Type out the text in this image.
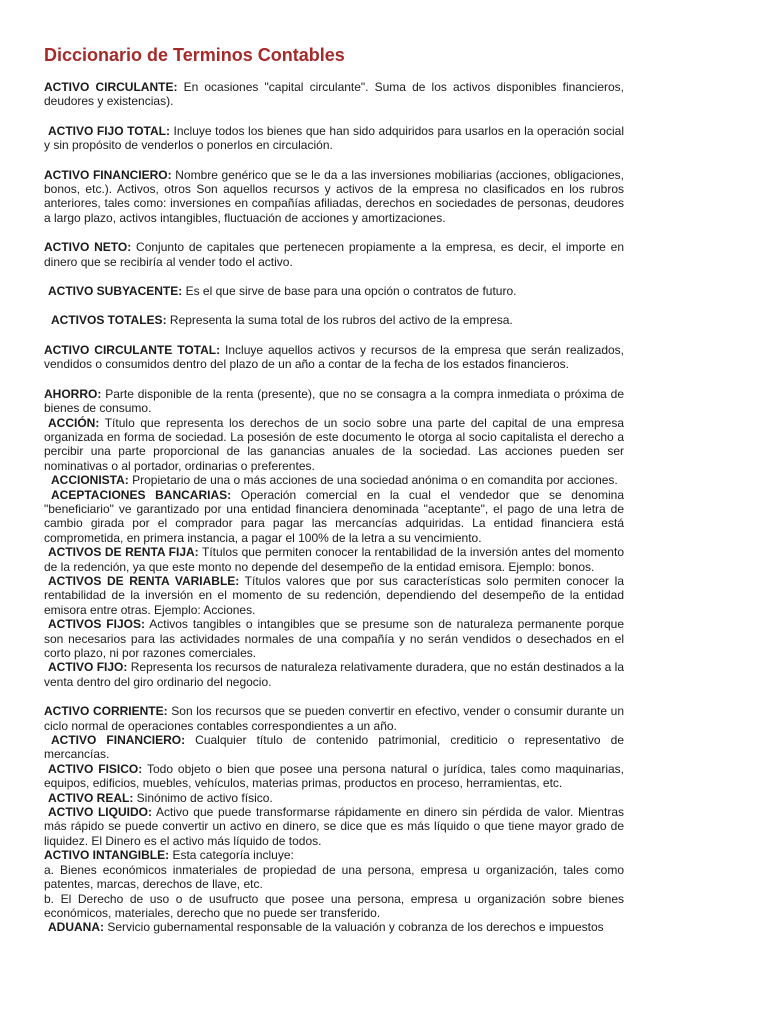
Diccionario de Terminos Contables

ACTIVO CIRCULANTE: En ocasiones "capital circulante". Suma de los activos disponibles financieros, deudores y existencias).

ACTIVO FIJO TOTAL: Incluye todos los bienes que han sido adquiridos para usarlos en la operación social y sin propósito de venderlos o ponerlos en circulación.

ACTIVO FINANCIERO: Nombre genérico que se le da a las inversiones mobiliarias (acciones, obligaciones, bonos, etc.). Activos, otros Son aquellos recursos y activos de la empresa no clasificados en los rubros anteriores, tales como: inversiones en compañías afiliadas, derechos en sociedades de personas, deudores a largo plazo, activos intangibles, fluctuación de acciones y amortizaciones.

ACTIVO NETO: Conjunto de capitales que pertenecen propiamente a la empresa, es decir, el importe en dinero que se recibiría al vender todo el activo.

ACTIVO SUBYACENTE: Es el que sirve de base para una opción o contratos de futuro.

ACTIVOS TOTALES: Representa la suma total de los rubros del activo de la empresa.

ACTIVO CIRCULANTE TOTAL: Incluye aquellos activos y recursos de la empresa que serán realizados, vendidos o consumidos dentro del plazo de un año a contar de la fecha de los estados financieros.

AHORRO: Parte disponible de la renta (presente), que no se consagra a la compra inmediata o próxima de bienes de consumo.

ACCIÓN: Título que representa los derechos de un socio sobre una parte del capital de una empresa organizada en forma de sociedad. La posesión de este documento le otorga al socio capitalista el derecho a percibir una parte proporcional de las ganancias anuales de la sociedad. Las acciones pueden ser nominativas o al portador, ordinarias o preferentes.

ACCIONISTA: Propietario de una o más acciones de una sociedad anónima o en comandita por acciones.

ACEPTACIONES BANCARIAS: Operación comercial en la cual el vendedor que se denomina "beneficiario" ve garantizado por una entidad financiera denominada "aceptante", el pago de una letra de cambio girada por el comprador para pagar las mercancías adquiridas. La entidad financiera está comprometida, en primera instancia, a pagar el 100% de la letra a su vencimiento.

ACTIVOS DE RENTA FIJA: Títulos que permiten conocer la rentabilidad de la inversión antes del momento de la redención, ya que este monto no depende del desempeño de la entidad emisora. Ejemplo: bonos.

ACTIVOS DE RENTA VARIABLE: Títulos valores que por sus características solo permiten conocer la rentabilidad de la inversión en el momento de su redención, dependiendo del desempeño de la entidad emisora entre otras. Ejemplo: Acciones.

ACTIVOS FIJOS: Activos tangibles o intangibles que se presume son de naturaleza permanente porque son necesarios para las actividades normales de una compañía y no serán vendidos o desechados en el corto plazo, ni por razones comerciales.

ACTIVO FIJO: Representa los recursos de naturaleza relativamente duradera, que no están destinados a la venta dentro del giro ordinario del negocio.

ACTIVO CORRIENTE: Son los recursos que se pueden convertir en efectivo, vender o consumir durante un ciclo normal de operaciones contables correspondientes a un año.

ACTIVO FINANCIERO: Cualquier título de contenido patrimonial, crediticio o representativo de mercancías.

ACTIVO FISICO: Todo objeto o bien que posee una persona natural o jurídica, tales como maquinarias, equipos, edificios, muebles, vehículos, materias primas, productos en proceso, herramientas, etc.

ACTIVO REAL: Sinónimo de activo físico.

ACTIVO LIQUIDO: Activo que puede transformarse rápidamente en dinero sin pérdida de valor. Mientras más rápido se puede convertir un activo en dinero, se dice que es más líquido o que tiene mayor grado de liquidez. El Dinero es el activo más líquido de todos.

ACTIVO INTANGIBLE: Esta categoría incluye:

a. Bienes económicos inmateriales de propiedad de una persona, empresa u organización, tales como patentes, marcas, derechos de llave, etc.

b. El Derecho de uso o de usufructo que posee una persona, empresa u organización sobre bienes económicos, materiales, derecho que no puede ser transferido.

ADUANA: Servicio gubernamental responsable de la valuación y cobranza de los derechos e impuestos
